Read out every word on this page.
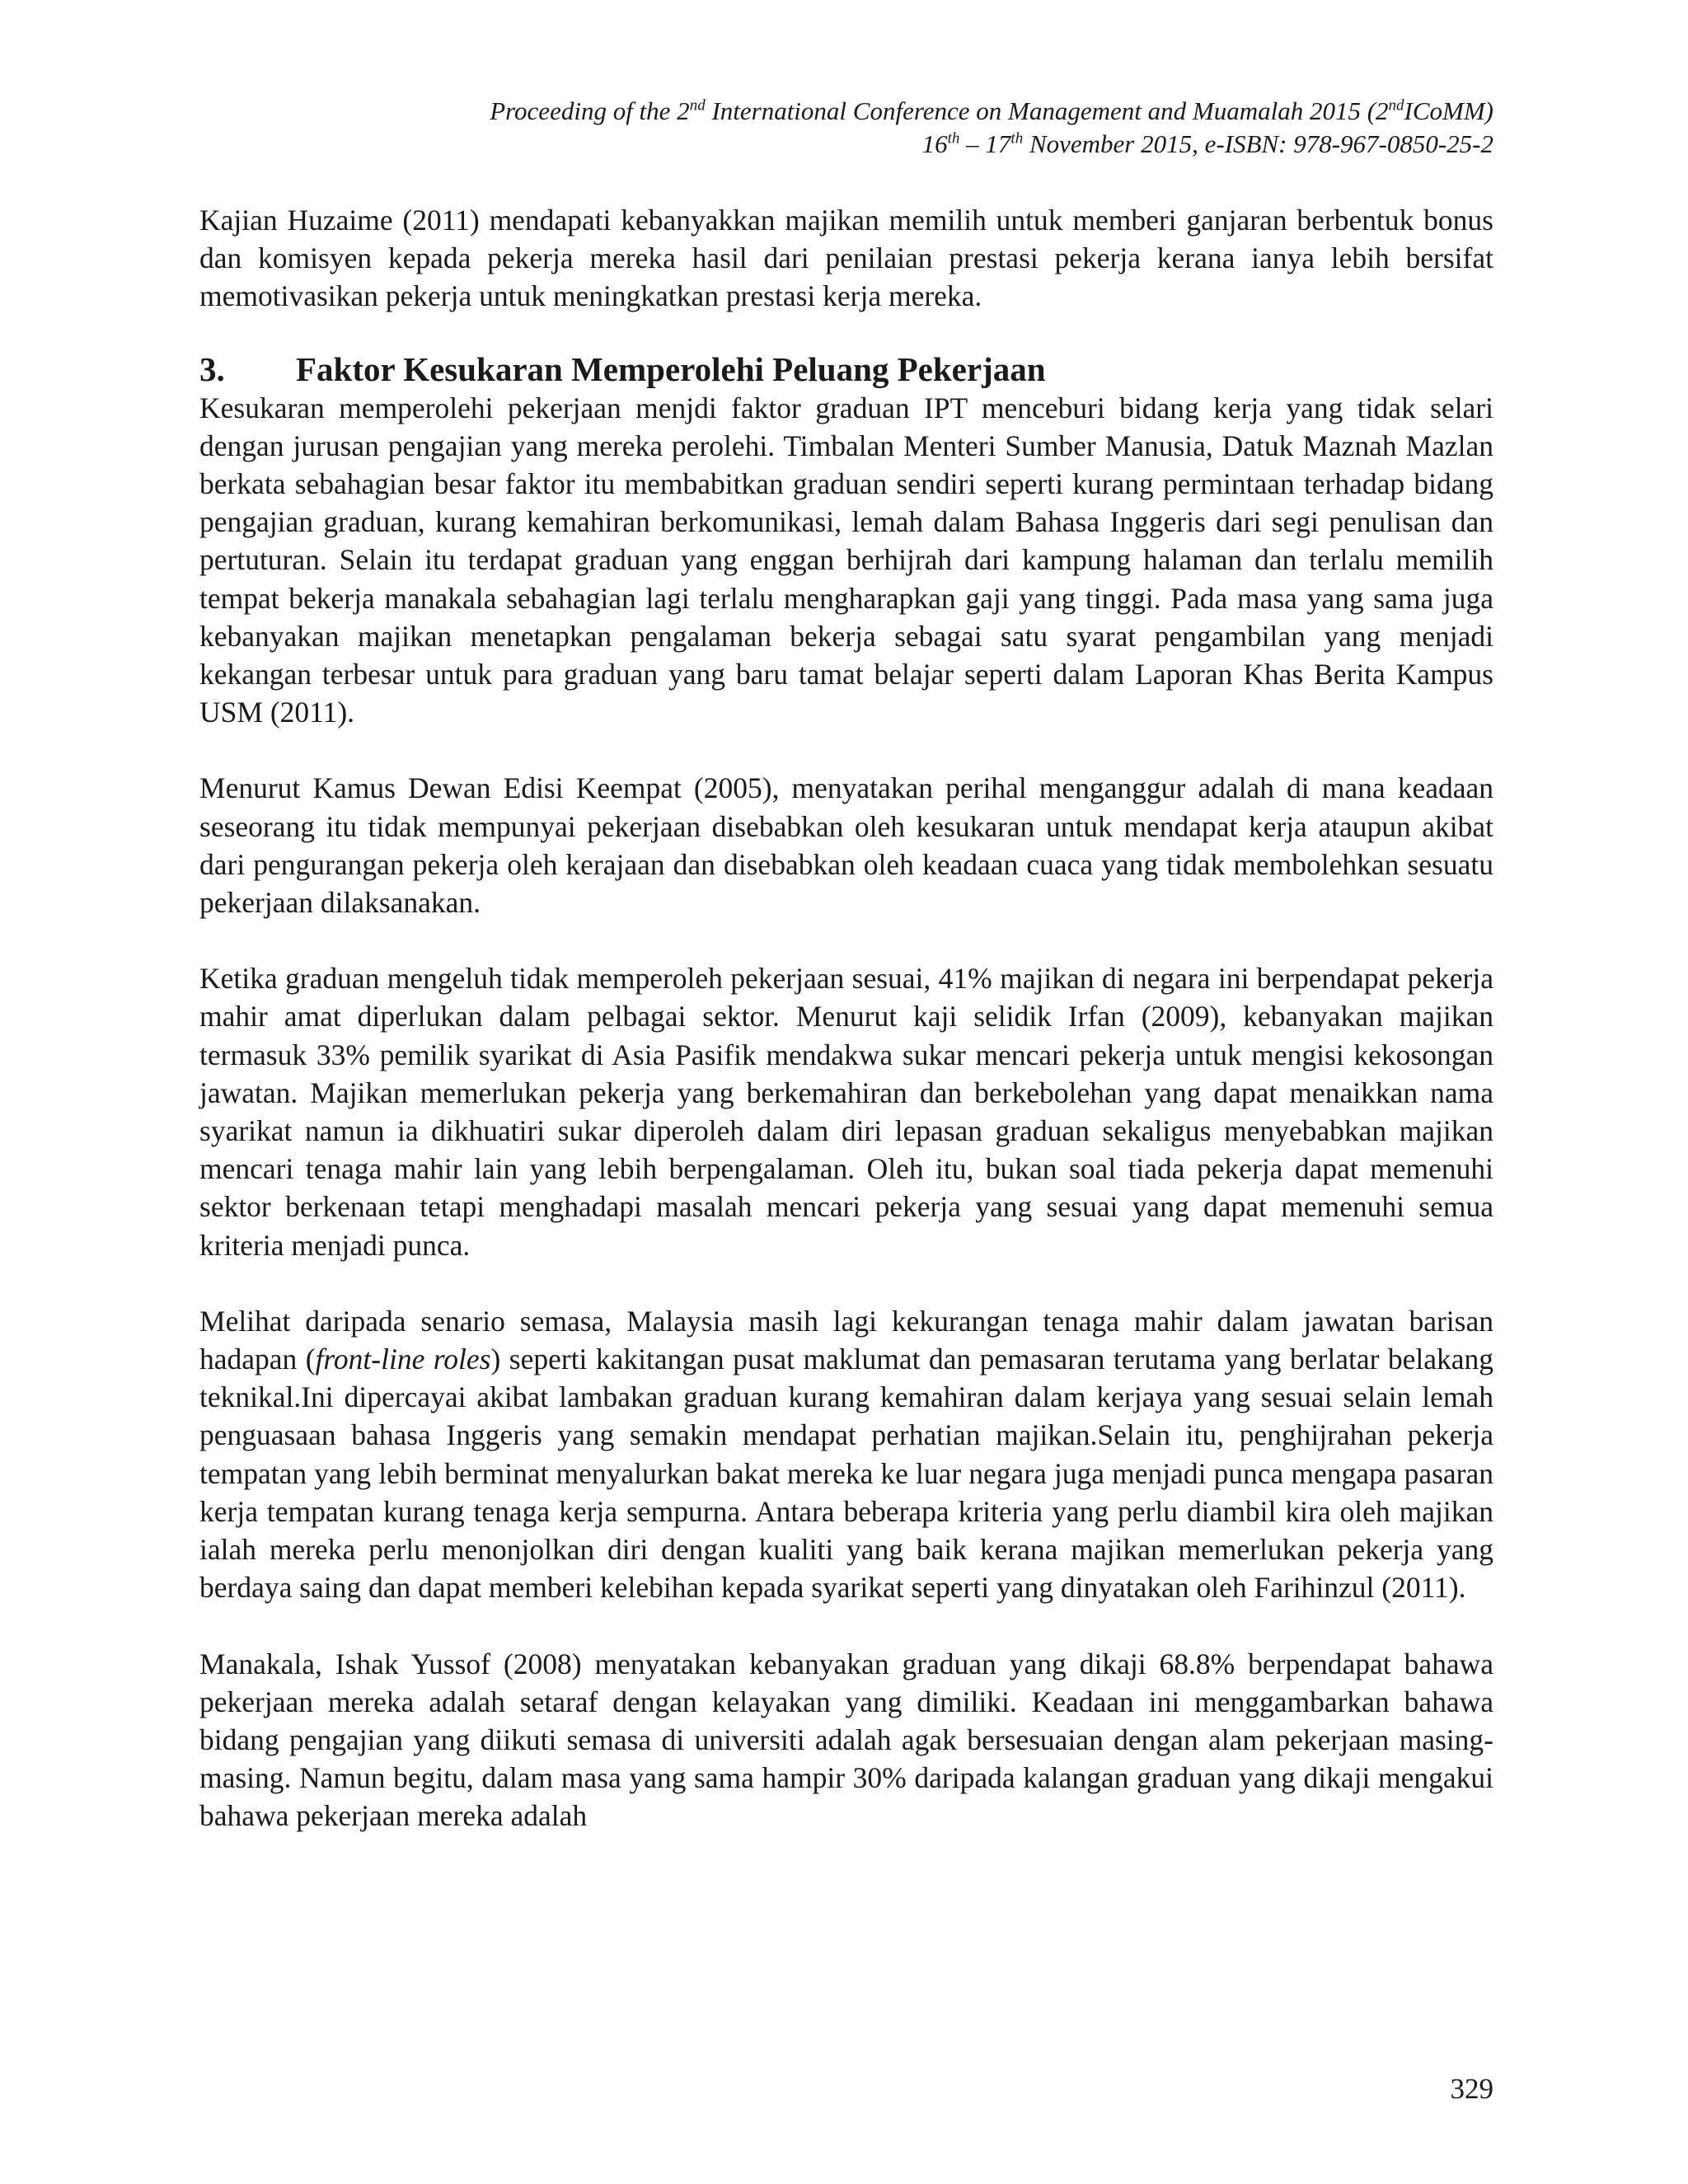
Proceeding of the 2nd International Conference on Management and Muamalah 2015 (2ndICoMM)
16th – 17th November 2015, e-ISBN: 978-967-0850-25-2

Kajian Huzaime (2011) mendapati kebanyakkan majikan memilih untuk memberi ganjaran berbentuk bonus dan komisyen kepada pekerja mereka hasil dari penilaian prestasi pekerja kerana ianya lebih bersifat memotivasikan pekerja untuk meningkatkan prestasi kerja mereka.

3. Faktor Kesukaran Memperolehi Peluang Pekerjaan

Kesukaran memperolehi pekerjaan menjdi faktor graduan IPT menceburi bidang kerja yang tidak selari dengan jurusan pengajian yang mereka perolehi. Timbalan Menteri Sumber Manusia, Datuk Maznah Mazlan berkata sebahagian besar faktor itu membabitkan graduan sendiri seperti kurang permintaan terhadap bidang pengajian graduan, kurang kemahiran berkomunikasi, lemah dalam Bahasa Inggeris dari segi penulisan dan pertuturan. Selain itu terdapat graduan yang enggan berhijrah dari kampung halaman dan terlalu memilih tempat bekerja manakala sebahagian lagi terlalu mengharapkan gaji yang tinggi. Pada masa yang sama juga kebanyakan majikan menetapkan pengalaman bekerja sebagai satu syarat pengambilan yang menjadi kekangan terbesar untuk para graduan yang baru tamat belajar seperti dalam Laporan Khas Berita Kampus USM (2011).

Menurut Kamus Dewan Edisi Keempat (2005), menyatakan perihal menganggur adalah di mana keadaan seseorang itu tidak mempunyai pekerjaan disebabkan oleh kesukaran untuk mendapat kerja ataupun akibat dari pengurangan pekerja oleh kerajaan dan disebabkan oleh keadaan cuaca yang tidak membolehkan sesuatu pekerjaan dilaksanakan.

Ketika graduan mengeluh tidak memperoleh pekerjaan sesuai, 41% majikan di negara ini berpendapat pekerja mahir amat diperlukan dalam pelbagai sektor. Menurut kaji selidik Irfan (2009), kebanyakan majikan termasuk 33% pemilik syarikat di Asia Pasifik mendakwa sukar mencari pekerja untuk mengisi kekosongan jawatan. Majikan memerlukan pekerja yang berkemahiran dan berkebolehan yang dapat menaikkan nama syarikat namun ia dikhuatiri sukar diperoleh dalam diri lepasan graduan sekaligus menyebabkan majikan mencari tenaga mahir lain yang lebih berpengalaman. Oleh itu, bukan soal tiada pekerja dapat memenuhi sektor berkenaan tetapi menghadapi masalah mencari pekerja yang sesuai yang dapat memenuhi semua kriteria menjadi punca.

Melihat daripada senario semasa, Malaysia masih lagi kekurangan tenaga mahir dalam jawatan barisan hadapan (front-line roles) seperti kakitangan pusat maklumat dan pemasaran terutama yang berlatar belakang teknikal.Ini dipercayai akibat lambakan graduan kurang kemahiran dalam kerjaya yang sesuai selain lemah penguasaan bahasa Inggeris yang semakin mendapat perhatian majikan.Selain itu, penghijrahan pekerja tempatan yang lebih berminat menyalurkan bakat mereka ke luar negara juga menjadi punca mengapa pasaran kerja tempatan kurang tenaga kerja sempurna. Antara beberapa kriteria yang perlu diambil kira oleh majikan ialah mereka perlu menonjolkan diri dengan kualiti yang baik kerana majikan memerlukan pekerja yang berdaya saing dan dapat memberi kelebihan kepada syarikat seperti yang dinyatakan oleh Farihinzul (2011).

Manakala, Ishak Yussof (2008) menyatakan kebanyakan graduan yang dikaji 68.8% berpendapat bahawa pekerjaan mereka adalah setaraf dengan kelayakan yang dimiliki. Keadaan ini menggambarkan bahawa bidang pengajian yang diikuti semasa di universiti adalah agak bersesuaian dengan alam pekerjaan masing-masing. Namun begitu, dalam masa yang sama hampir 30% daripada kalangan graduan yang dikaji mengakui bahawa pekerjaan mereka adalah

329
